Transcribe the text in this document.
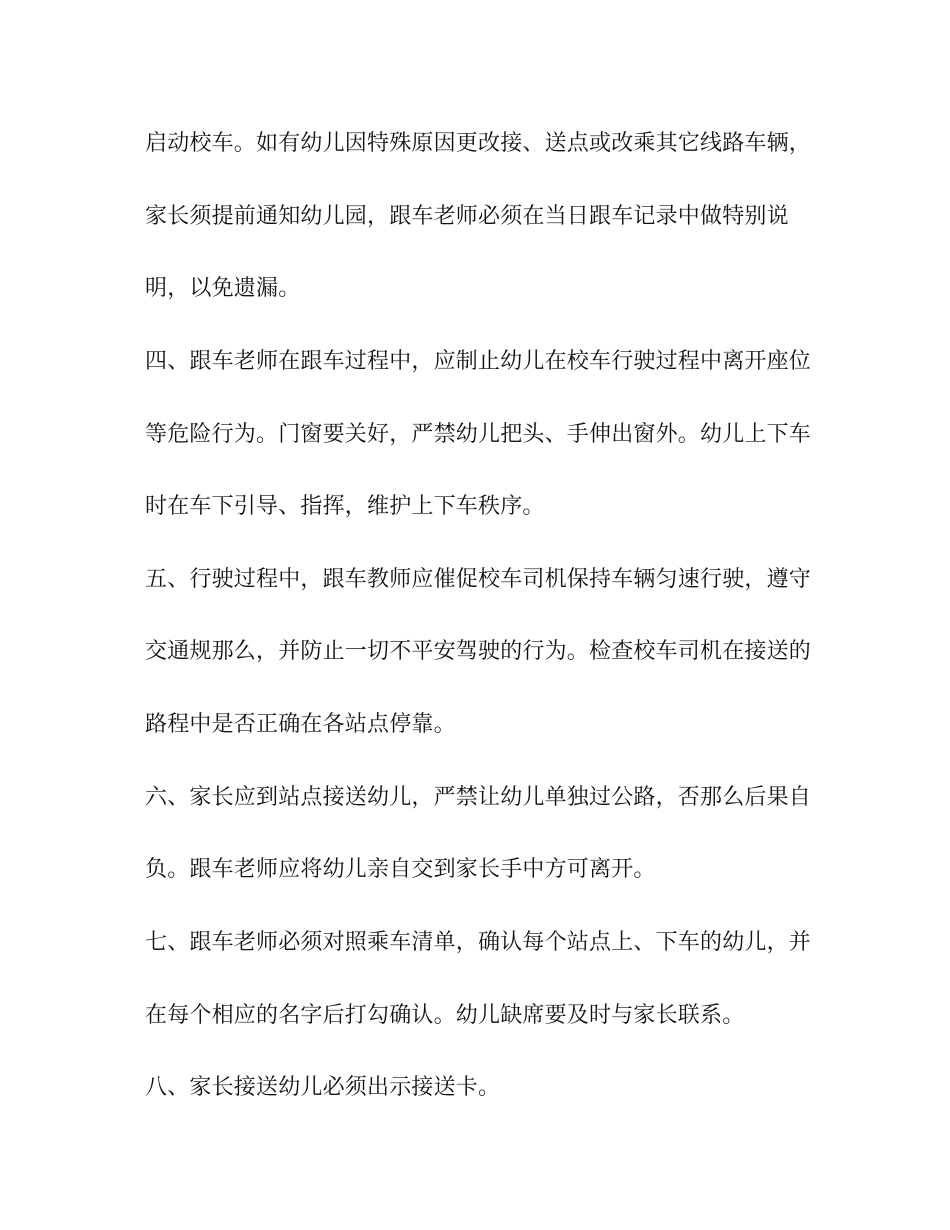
启动校车。如有幼儿因特殊原因更改接、送点或改乘其它线路车辆，
家长须提前通知幼儿园，跟车老师必须在当日跟车记录中做特别说
明，以免遗漏。
四、跟车老师在跟车过程中，应制止幼儿在校车行驶过程中离开座位
等危险行为。门窗要关好，严禁幼儿把头、手伸出窗外。幼儿上下车
时在车下引导、指挥，维护上下车秩序。
五、行驶过程中，跟车教师应催促校车司机保持车辆匀速行驶，遵守
交通规那么，并防止一切不平安驾驶的行为。检查校车司机在接送的
路程中是否正确在各站点停靠。
六、家长应到站点接送幼儿，严禁让幼儿单独过公路，否那么后果自
负。跟车老师应将幼儿亲自交到家长手中方可离开。
七、跟车老师必须对照乘车清单，确认每个站点上、下车的幼儿，并
在每个相应的名字后打勾确认。幼儿缺席要及时与家长联系。
八、家长接送幼儿必须出示接送卡。
